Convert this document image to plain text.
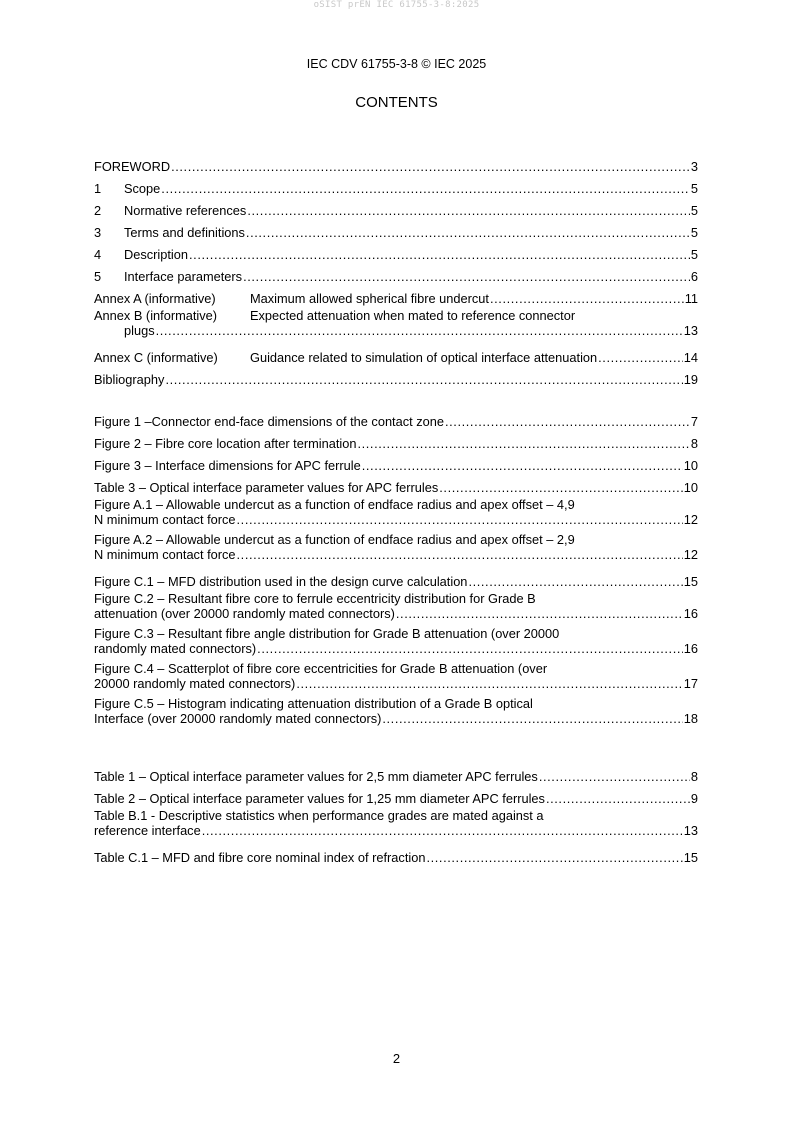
oSIST prEN IEC 61755-3-8:2025
IEC CDV 61755-3-8 © IEC 2025
CONTENTS
FOREWORD .....	3
1 Scope .....	5
2 Normative references .....	5
3 Terms and definitions .....	5
4 Description .....	5
5 Interface parameters .....	6
Annex A (informative)	Maximum allowed spherical fibre undercut .....	11
Annex B (informative)	Expected attenuation when mated to reference connector
plugs .....	13
Annex C (informative)	Guidance related to simulation of optical interface attenuation .....	14
Bibliography .....	19
Figure 1 –Connector end-face dimensions of the contact zone .....	7
Figure 2 – Fibre core location after termination .....	8
Figure 3 – Interface dimensions for APC ferrule .....	10
Table 3 – Optical interface parameter values for APC ferrules .....	10
Figure A.1 – Allowable undercut as a function of endface radius and apex offset – 4,9
N minimum contact force .....	12
Figure A.2 – Allowable undercut as a function of endface radius and apex offset – 2,9
N minimum contact force .....	12
Figure C.1 – MFD distribution used in the design curve calculation .....	15
Figure C.2 – Resultant fibre core to ferrule eccentricity distribution for Grade B
attenuation (over 20000 randomly mated connectors) .....	16
Figure C.3 – Resultant fibre angle distribution for Grade B attenuation (over 20000
randomly mated connectors) .....	16
Figure C.4 – Scatterplot of fibre core eccentricities for Grade B attenuation (over
20000 randomly mated connectors) .....	17
Figure C.5 – Histogram indicating attenuation distribution of a Grade B optical
Interface (over 20000 randomly mated connectors) .....	18
Table 1 – Optical interface parameter values for 2,5 mm diameter APC ferrules .....	8
Table 2 – Optical interface parameter values for 1,25 mm diameter APC ferrules .....	9
Table B.1 - Descriptive statistics when performance grades are mated against a
reference interface .....	13
Table C.1 – MFD and fibre core nominal index of refraction .....	15
2
